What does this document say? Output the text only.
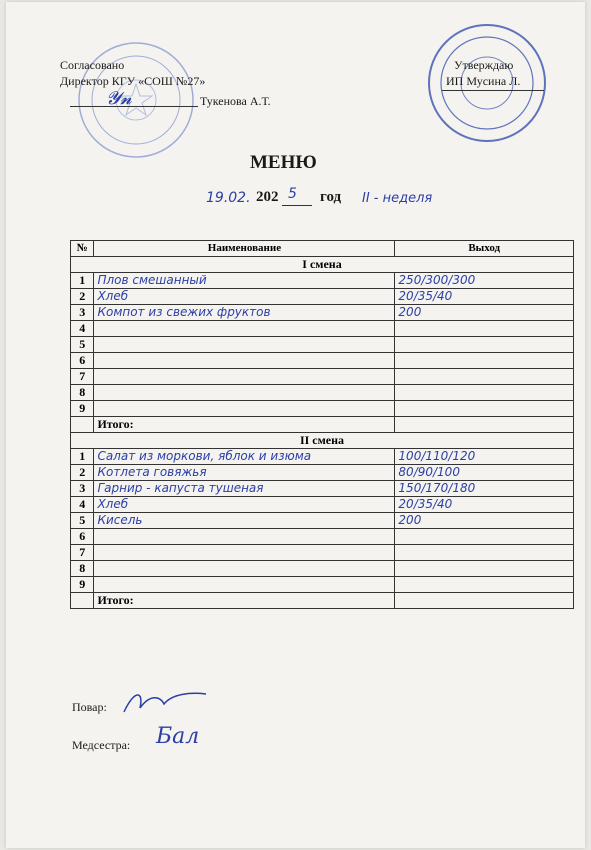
Согласовано
Директор КГУ «СОШ №27»
𝓨𝓷	Тукенова А.Т.
Утверждаю
ИП Мусина Л.
МЕНЮ
19.02. 202 5 год II - неделя
№	Наименование	Выход
I смена		
1	Плов смешанный	250/300/300
2	Хлеб	20/35/40
3	Компот из свежих фруктов	200
4		
5		
6		
7		
8		
9		
	Итого:	
II смена		
1	Салат из моркови, яблок и изюма	100/110/120
2	Котлета говяжья	80/90/100
3	Гарнир - капуста тушеная	150/170/180
4	Хлеб	20/35/40
5	Кисель	200
6		
7		
8		
9		
	Итого:	
Повар:
Медсестра: Бал
